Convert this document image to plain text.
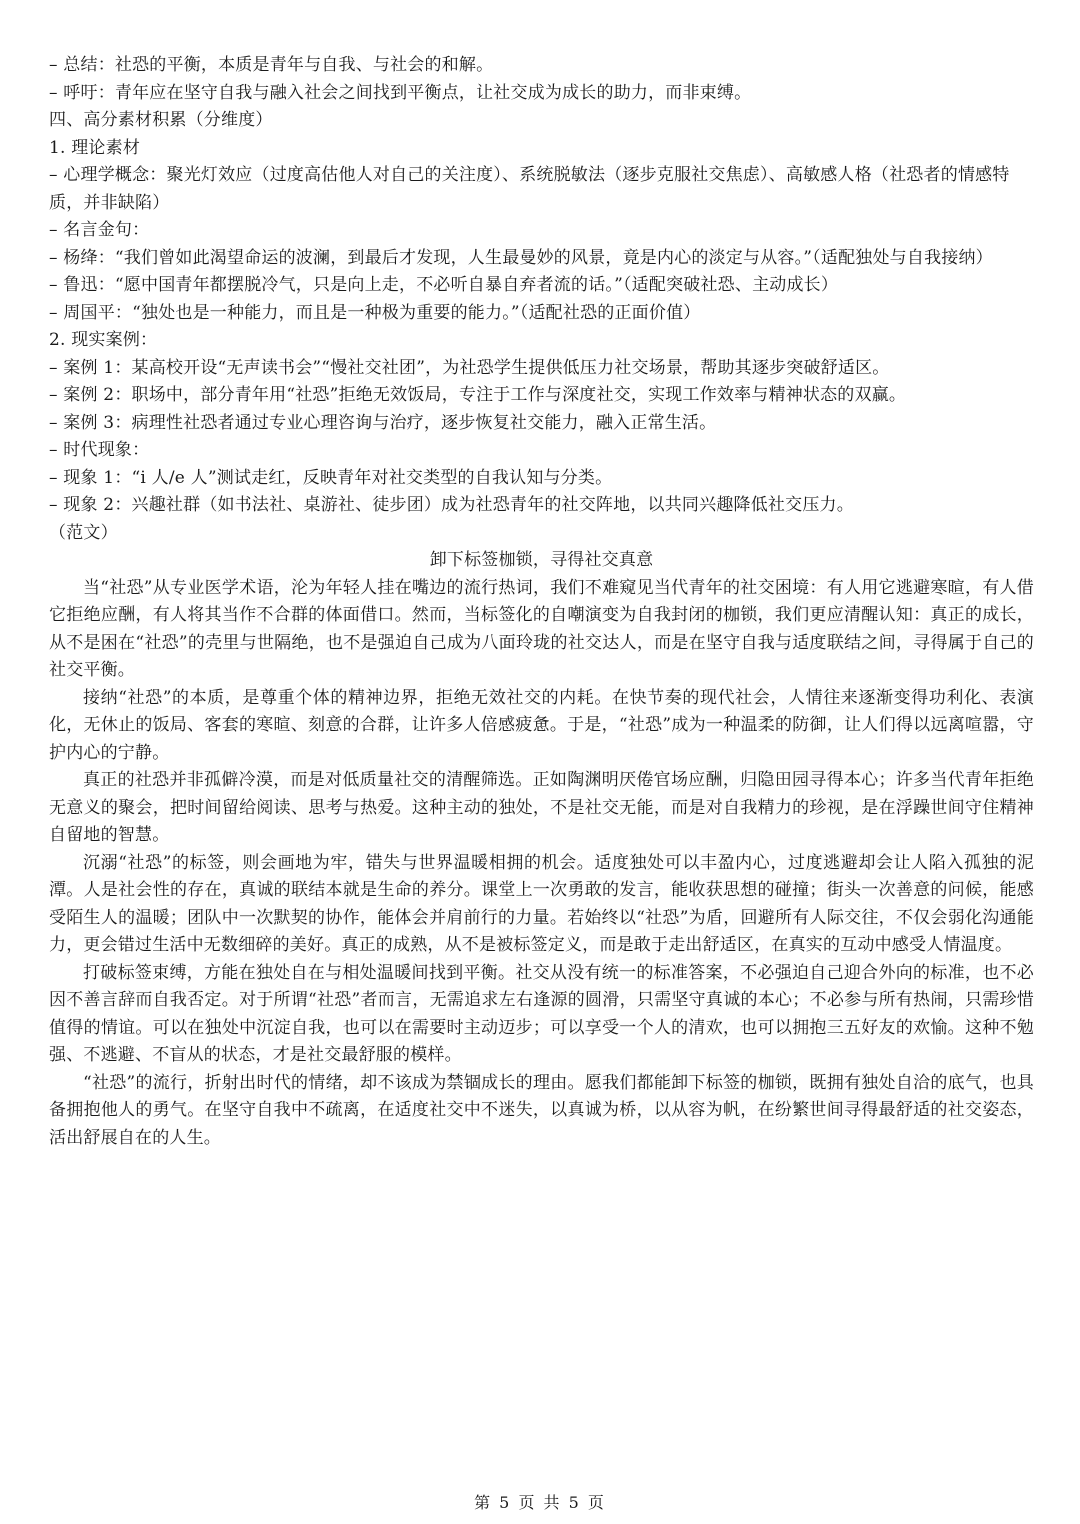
– 总结：社恐的平衡，本质是青年与自我、与社会的和解。
– 呼吁：青年应在坚守自我与融入社会之间找到平衡点，让社交成为成长的助力，而非束缚。
四、高分素材积累（分维度）
1. 理论素材
– 心理学概念：聚光灯效应（过度高估他人对自己的关注度）、系统脱敏法（逐步克服社交焦虑）、高敏感人格（社恐者的情感特质，并非缺陷）
– 名言金句：
– 杨绛：“我们曾如此渴望命运的波澜，到最后才发现，人生最曼妙的风景，竟是内心的淡定与从容。”（适配独处与自我接纳）
– 鲁迅：“愿中国青年都摆脱冷气，只是向上走，不必听自暴自弃者流的话。”（适配突破社恐、主动成长）
– 周国平：“独处也是一种能力，而且是一种极为重要的能力。”（适配社恐的正面价值）
2. 现实案例：
– 案例 1：某高校开设“无声读书会”“慢社交社团”，为社恐学生提供低压力社交场景，帮助其逐步突破舒适区。
– 案例 2：职场中，部分青年用“社恐”拒绝无效饭局，专注于工作与深度社交，实现工作效率与精神状态的双赢。
– 案例 3：病理性社恐者通过专业心理咨询与治疗，逐步恢复社交能力，融入正常生活。
– 时代现象：
– 现象 1：“i 人/e 人”测试走红，反映青年对社交类型的自我认知与分类。
– 现象 2：兴趣社群（如书法社、桌游社、徒步团）成为社恐青年的社交阵地，以共同兴趣降低社交压力。
（范文）
卸下标签枷锁，寻得社交真意

当“社恐”从专业医学术语，沦为年轻人挂在嘴边的流行热词，我们不难窥见当代青年的社交困境：有人用它逃避寒暄，有人借它拒绝应酬，有人将其当作不合群的体面借口。然而，当标签化的自嘲演变为自我封闭的枷锁，我们更应清醒认知：真正的成长，从不是困在“社恐”的壳里与世隔绝，也不是强迫自己成为八面玲珑的社交达人，而是在坚守自我与适度联结之间，寻得属于自己的社交平衡。

接纳“社恐”的本质，是尊重个体的精神边界，拒绝无效社交的内耗。在快节奏的现代社会，人情往来逐渐变得功利化、表演化，无休止的饭局、客套的寒暄、刻意的合群，让许多人倍感疲惫。于是，“社恐”成为一种温柔的防御，让人们得以远离喧嚣，守护内心的宁静。

真正的社恐并非孤僻冷漠，而是对低质量社交的清醒筛选。正如陶渊明厌倦官场应酬，归隐田园寻得本心；许多当代青年拒绝无意义的聚会，把时间留给阅读、思考与热爱。这种主动的独处，不是社交无能，而是对自我精力的珍视，是在浮躁世间守住精神自留地的智慧。

沉溺“社恐”的标签，则会画地为牢，错失与世界温暖相拥的机会。适度独处可以丰盈内心，过度逃避却会让人陷入孤独的泥潭。人是社会性的存在，真诚的联结本就是生命的养分。课堂上一次勇敢的发言，能收获思想的碰撞；街头一次善意的问候，能感受陌生人的温暖；团队中一次默契的协作，能体会并肩前行的力量。若始终以“社恐”为盾，回避所有人际交往，不仅会弱化沟通能力，更会错过生活中无数细碎的美好。真正的成熟，从不是被标签定义，而是敢于走出舒适区，在真实的互动中感受人情温度。

打破标签束缚，方能在独处自在与相处温暖间找到平衡。社交从没有统一的标准答案，不必强迫自己迎合外向的标准，也不必因不善言辞而自我否定。对于所谓“社恐”者而言，无需追求左右逢源的圆滑，只需坚守真诚的本心；不必参与所有热闹，只需珍惜值得的情谊。可以在独处中沉淀自我，也可以在需要时主动迈步；可以享受一个人的清欢，也可以拥抱三五好友的欢愉。这种不勉强、不逃避、不盲从的状态，才是社交最舒服的模样。

“社恐”的流行，折射出时代的情绪，却不该成为禁锢成长的理由。愿我们都能卸下标签的枷锁，既拥有独处自洽的底气，也具备拥抱他人的勇气。在坚守自我中不疏离，在适度社交中不迷失，以真诚为桥，以从容为帆，在纷繁世间寻得最舒适的社交姿态，活出舒展自在的人生。

第 5 页 共 5 页
